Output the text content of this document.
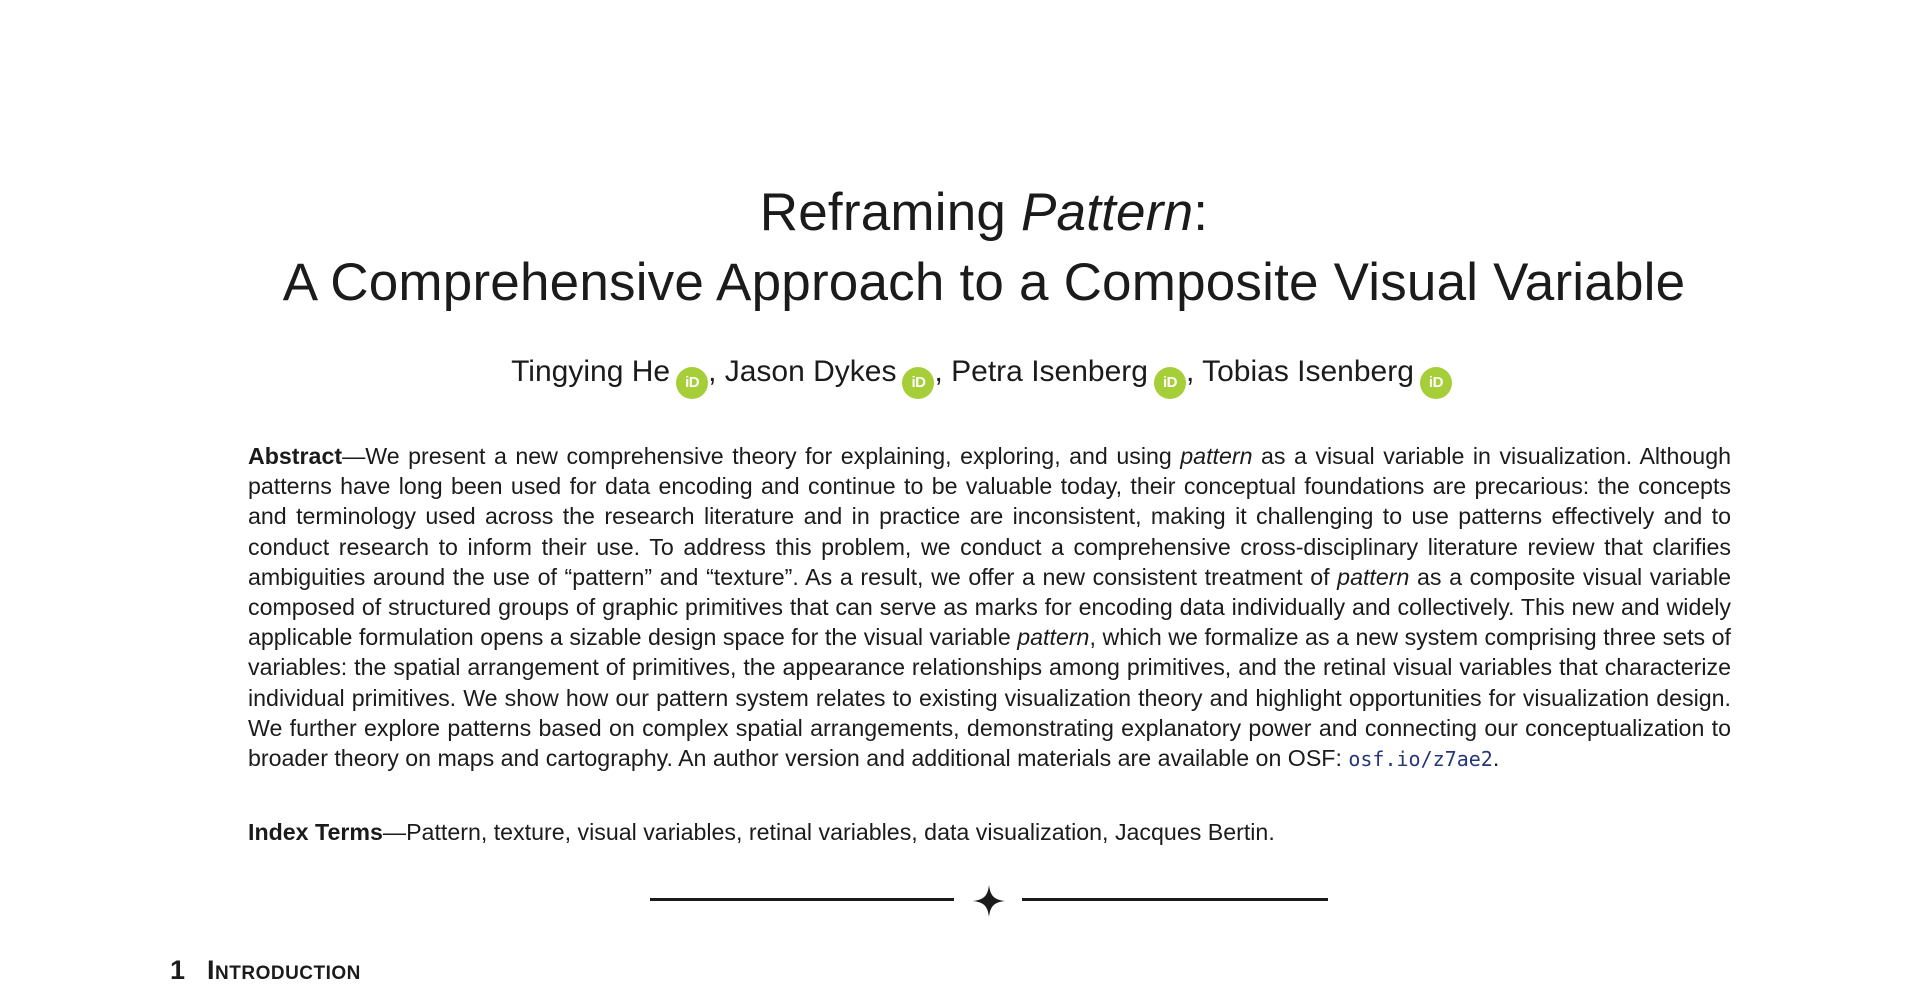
Reframing Pattern:
A Comprehensive Approach to a Composite Visual Variable
Tingying He iD , Jason Dykes iD , Petra Isenberg iD , Tobias Isenberg iD
Abstract—We present a new comprehensive theory for explaining, exploring, and using pattern as a visual variable in visualization. Although patterns have long been used for data encoding and continue to be valuable today, their conceptual foundations are precarious: the concepts and terminology used across the research literature and in practice are inconsistent, making it challenging to use patterns effectively and to conduct research to inform their use. To address this problem, we conduct a comprehensive cross-disciplinary literature review that clarifies ambiguities around the use of “pattern” and “texture”. As a result, we offer a new consistent treatment of pattern as a composite visual variable composed of structured groups of graphic primitives that can serve as marks for encoding data individually and collectively. This new and widely applicable formulation opens a sizable design space for the visual variable pattern, which we formalize as a new system comprising three sets of variables: the spatial arrangement of primitives, the appearance relationships among primitives, and the retinal visual variables that characterize individual primitives. We show how our pattern system relates to existing visualization theory and highlight opportunities for visualization design. We further explore patterns based on complex spatial arrangements, demonstrating explanatory power and connecting our conceptualization to broader theory on maps and cartography. An author version and additional materials are available on OSF: osf.io/z7ae2.
Index Terms—Pattern, texture, visual variables, retinal variables, data visualization, Jacques Bertin.
1 Introduction
